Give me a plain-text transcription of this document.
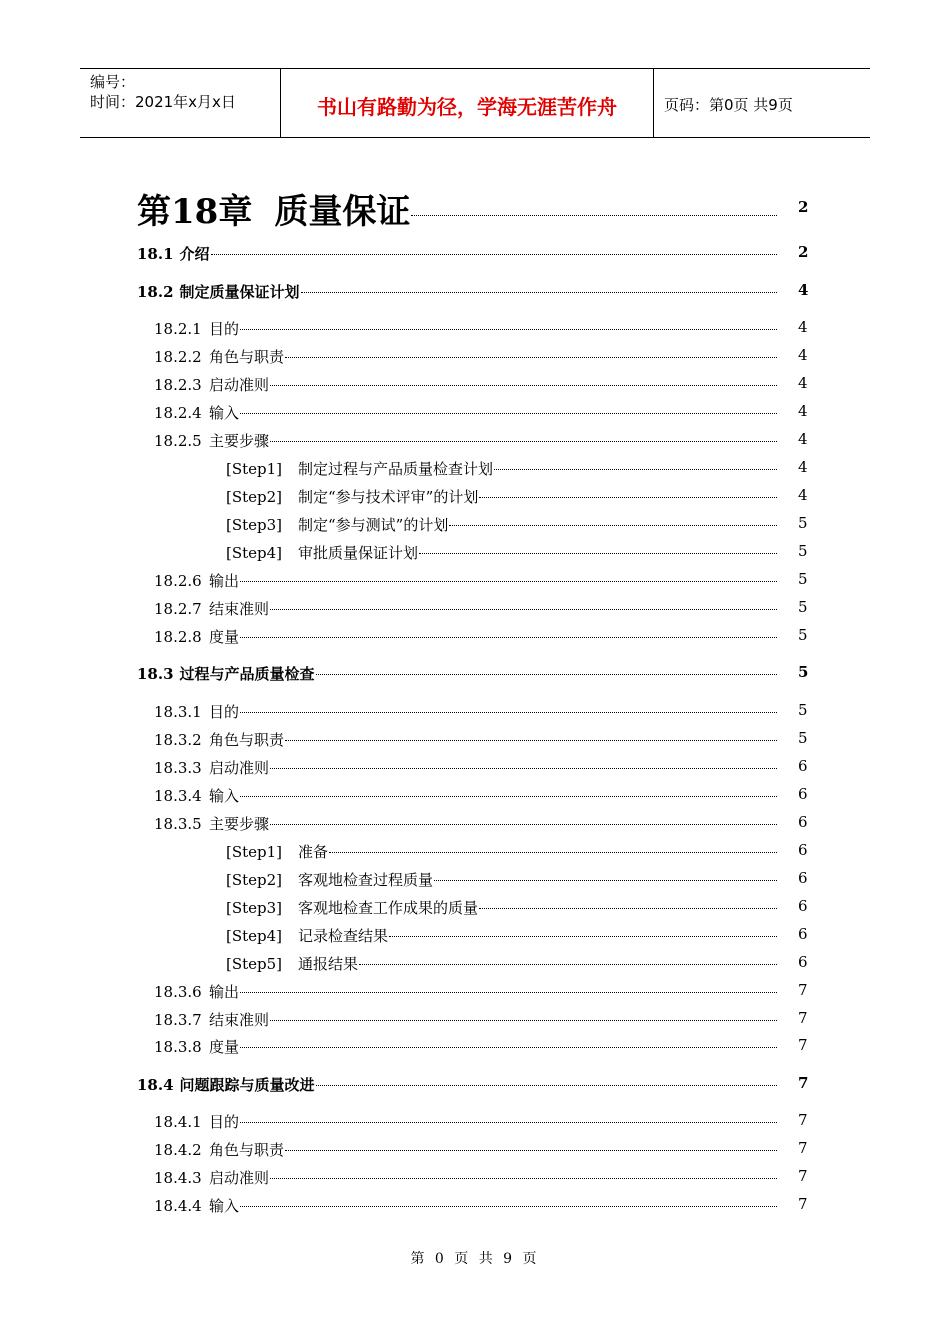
编号：
时间：2021年x月x日	书山有路勤为径，学海无涯苦作舟	页码：第0页 共9页
第18章 质量保证	2
18.1 介绍	2
18.2 制定质量保证计划	4
18.2.1 目的	4
18.2.2 角色与职责	4
18.2.3 启动准则	4
18.2.4 输入	4
18.2.5 主要步骤	4
[Step1]	制定过程与产品质量检查计划	4
[Step2]	制定“参与技术评审”的计划	4
[Step3]	制定“参与测试”的计划	5
[Step4]	审批质量保证计划	5
18.2.6 输出	5
18.2.7 结束准则	5
18.2.8 度量	5
18.3 过程与产品质量检查	5
18.3.1 目的	5
18.3.2 角色与职责	5
18.3.3 启动准则	6
18.3.4 输入	6
18.3.5 主要步骤	6
[Step1]	准备	6
[Step2]	客观地检查过程质量	6
[Step3]	客观地检查工作成果的质量	6
[Step4]	记录检查结果	6
[Step5]	通报结果	6
18.3.6 输出	7
18.3.7 结束准则	7
18.3.8 度量	7
18.4 问题跟踪与质量改进	7
18.4.1 目的	7
18.4.2 角色与职责	7
18.4.3 启动准则	7
18.4.4 输入	7
第 0 页 共 9 页
